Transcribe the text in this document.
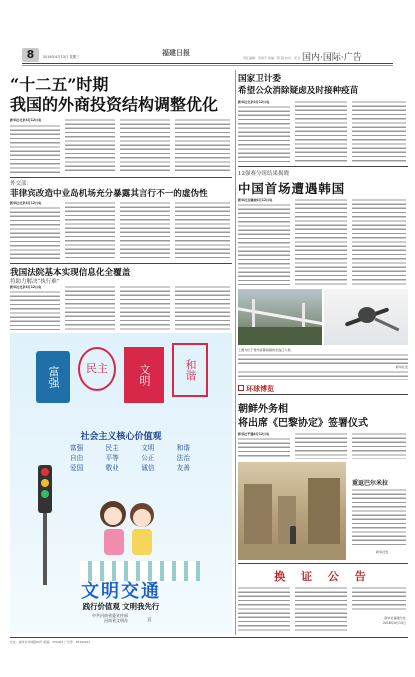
8	2016年4月13日 星期三	福建日报
责任编辑：李建平 美编：陈 超 校对：吴 红 国内·国际·广告
“十二五”时期
我国的外商投资结构调整优化
新华社北京4月12日电
外交部：
菲律宾改造中业岛机场充分暴露其言行不一的虚伪性
新华社北京4月12日电
我国法院基本实现信息化全覆盖
将助力解决“执行难”
新华社北京4月12日电
富强	民主	文明	和谐
社会主义核心价值观
富强	民主	文明	和谐
自由	平等	公正	法治
爱国	敬业	诚信	友善
文明交通
践行价值观 文明我先行
中共河南省委宣传部
河南省文明办	宣
国家卫计委
希望公众消除疑虑及时接种疫苗
新华社北京4月12日电
12强赛分组结果揭晓
中国首场遭遇韩国
新华社吉隆坡4月12日电
上图为位于贵州省都格镇的北盘江大桥。
新华社发
环球博览
朝鲜外务相
将出席《巴黎协定》签署仪式
新华社平壤4月12日电
重返巴尔米拉
新华社发
换 证 公 告
新华社福建分社
2016年4月13日
社址：福州市华林路84号 邮编：350003 广告部：83390011
